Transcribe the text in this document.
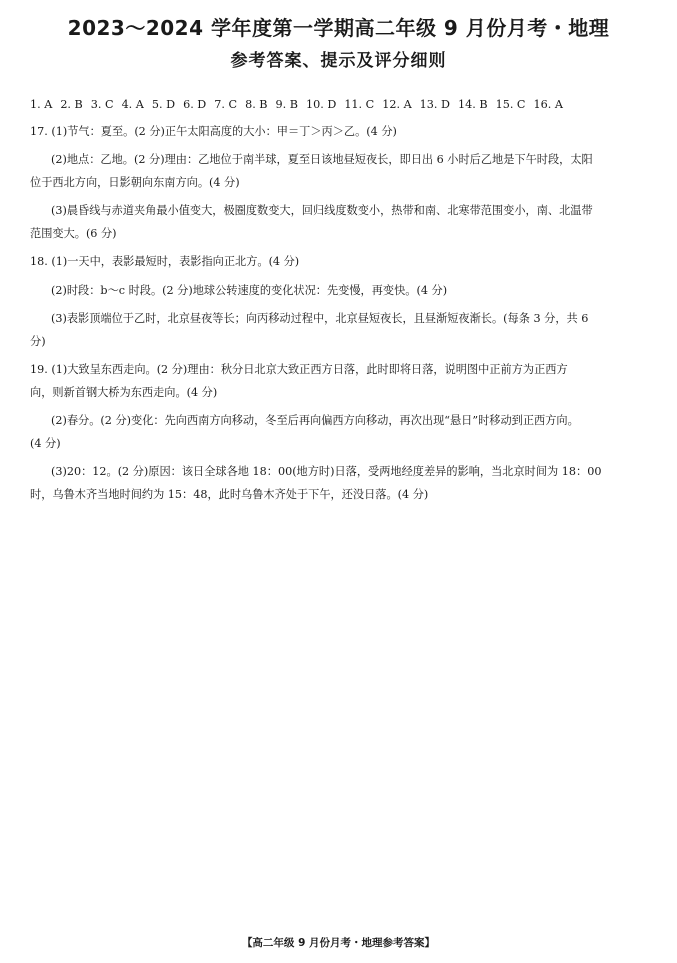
2023～2024 学年度第一学期高二年级 9 月份月考・地理
参考答案、提示及评分细则
1. A 2. B 3. C 4. A 5. D 6. D 7. C 8. B 9. B 10. D 11. C 12. A 13. D 14. B 15. C 16. A
17. (1)节气：夏至。(2 分)正午太阳高度的大小：甲＝丁＞丙＞乙。(4 分)
(2)地点：乙地。(2 分)理由：乙地位于南半球，夏至日该地昼短夜长，即日出 6 小时后乙地是下午时段，太阳
位于西北方向，日影朝向东南方向。(4 分)
(3)晨昏线与赤道夹角最小值变大，极圈度数变大，回归线度数变小，热带和南、北寒带范围变小，南、北温带
范围变大。(6 分)
18. (1)一天中，表影最短时，表影指向正北方。(4 分)
(2)时段：b～c 时段。(2 分)地球公转速度的变化状况：先变慢，再变快。(4 分)
(3)表影顶端位于乙时，北京昼夜等长；向丙移动过程中，北京昼短夜长，且昼渐短夜渐长。(每条 3 分，共 6
分)
19. (1)大致呈东西走向。(2 分)理由：秋分日北京大致正西方日落，此时即将日落，说明图中正前方为正西方
向，则新首钢大桥为东西走向。(4 分)
(2)春分。(2 分)变化：先向西南方向移动，冬至后再向偏西方向移动，再次出现“悬日”时移动到正西方向。
(4 分)
(3)20：12。(2 分)原因：该日全球各地 18：00(地方时)日落，受两地经度差异的影响，当北京时间为 18：00
时，乌鲁木齐当地时间约为 15：48，此时乌鲁木齐处于下午，还没日落。(4 分)
【高二年级 9 月份月考・地理参考答案】
